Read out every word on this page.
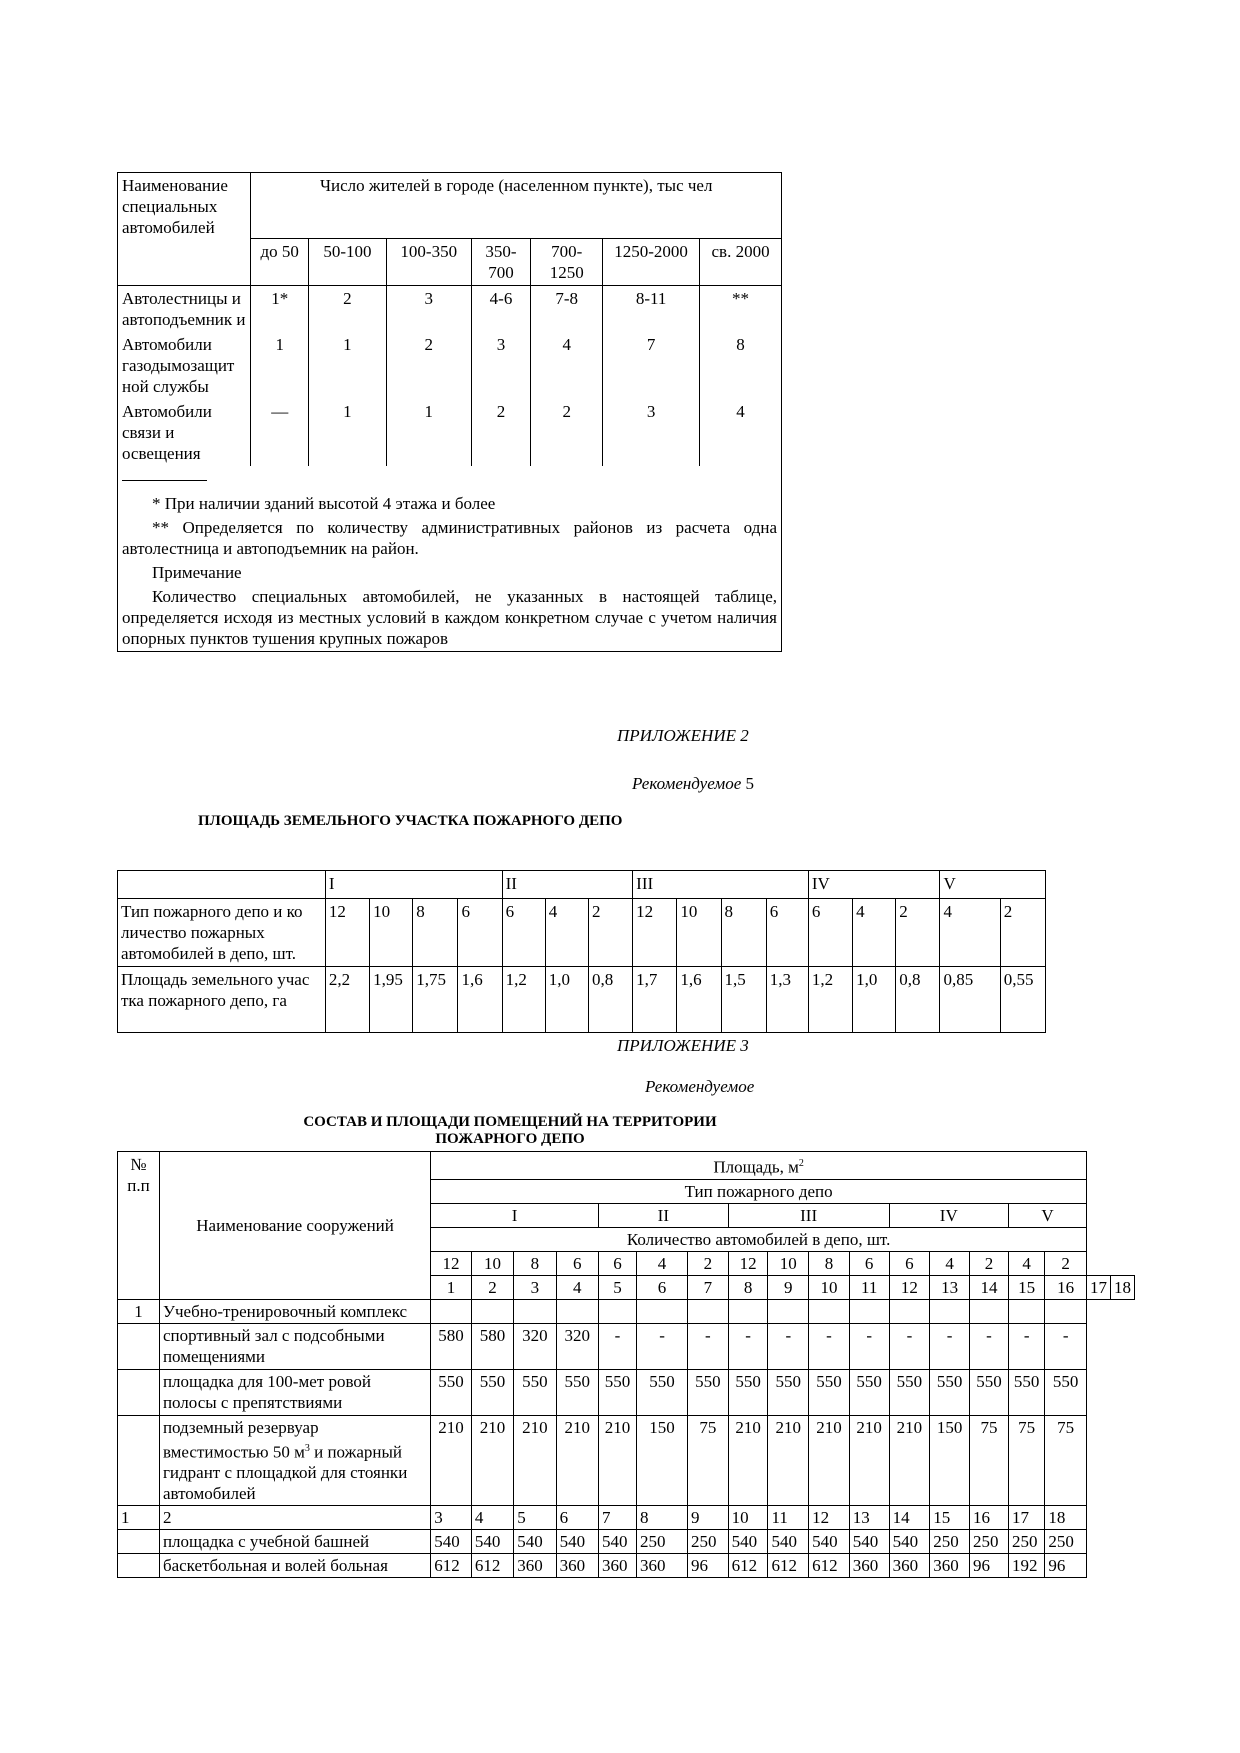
Наименование специальных автомобилей	Число жителей в городе (населенном пункте), тыс чел						
	до 50	50-100	100-350	350-700	700-1250	1250-2000	св. 2000
Автолестницы и автоподъемник и	1*	2	3	4-6	7-8	8-11	**
Автомобили газодымозащит ной службы	1	1	2	3	4	7	8
Автомобили связи и освещения	—	1	1	2	2	3	4

* При наличии зданий высотой 4 этажа и более

** Определяется по количеству административных районов из расчета одна автолестница и автоподъемник на район.

Примечание

Количество специальных автомобилей, не указанных в настоящей таблице, определяется исходя из местных условий в каждом конкретном случае с учетом наличия опорных пунктов тушения крупных пожаров							

ПРИЛОЖЕНИЕ 2
Рекомендуемое 5
ПЛОЩАДЬ ЗЕМЕЛЬНОГО УЧАСТКА ПОЖАРНОГО ДЕПО
	I				II			III				IV			V	
Тип пожарного депо и ко личество пожарных автомобилей в депо, шт.	12	10	8	6	6	4	2	12	10	8	6	6	4	2	4	2
Площадь земельного учас тка пожарного депо, га	2,2	1,95	1,75	1,6	1,2	1,0	0,8	1,7	1,6	1,5	1,3	1,2	1,0	0,8	0,85	0,55
ПРИЛОЖЕНИЕ 3
Рекомендуемое
СОСТАВ И ПЛОЩАДИ ПОМЕЩЕНИЙ НА ТЕРРИТОРИИ
ПОЖАРНОГО ДЕПО
№ п.п	Наименование сооружений	Площадь, $м^2$
		Тип пожарного депо																	
		I				II			III				IV			V			
		Количество автомобилей в депо, шт.																	
		12	10	8	6	6	4	2	12	10	8	6	6	4	2	4	2		
		1	2	3	4	5	6	7	8	9	10	11	12	13	14	15	16	17	18
1	Учебно-тренировочный комплекс																		
	спортивный зал с подсобными помещениями	580	580	320	320	-	-	-	-	-	-	-	-	-	-	-	-		
	площадка для 100-мет ровой полосы с препятствиями	550	550	550	550	550	550	550	550	550	550	550	550	550	550	550	550		
	подземный резервуар вместимостью 50 $м^3$ и пожарный гидрант с площадкой для стоянки автомобилей	210	210	210	210	210	150	75	210	210	210	210	210	150	75	75	75		
1	2	3	4	5	6	7	8	9	10	11	12	13	14	15	16	17	18		
	площадка с учебной башней	540	540	540	540	540	250	250	540	540	540	540	540	250	250	250	250		
	баскетбольная и волей больная	612	612	360	360	360	360	96	612	612	612	360	360	360	96	192	96		
